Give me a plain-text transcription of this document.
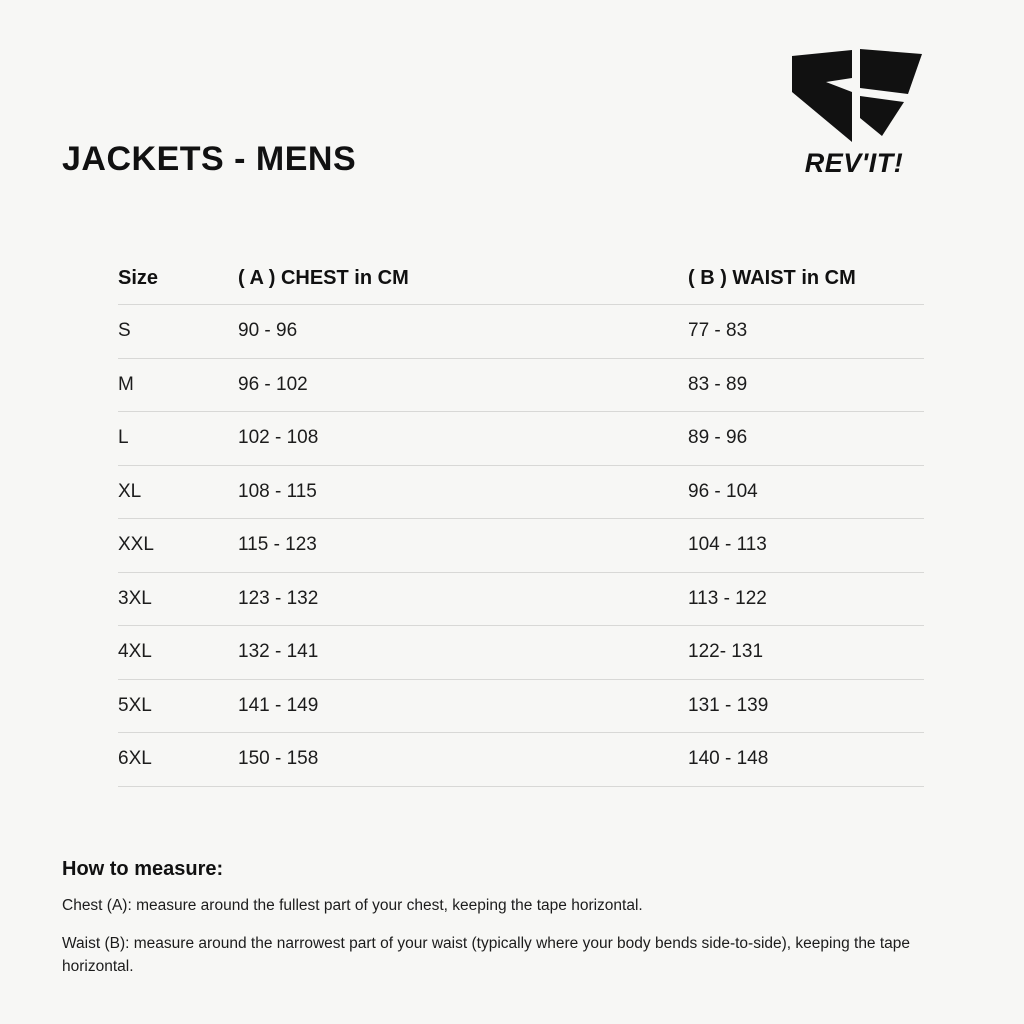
REV'IT!
JACKETS - MENS
Size	( A ) CHEST in CM	( B ) WAIST in CM
S	90 - 96	77 - 83
M	96 - 102	83 - 89
L	102 - 108	89 - 96
XL	108 - 115	96 - 104
XXL	115 - 123	104 - 113
3XL	123 - 132	113 - 122
4XL	132 - 141	122- 131
5XL	141 - 149	131 - 139
6XL	150 - 158	140 - 148

How to measure:

Chest (A): measure around the fullest part of your chest, keeping the tape horizontal.

Waist (B): measure around the narrowest part of your waist (typically where your body bends side-to-side), keeping the tape horizontal.
